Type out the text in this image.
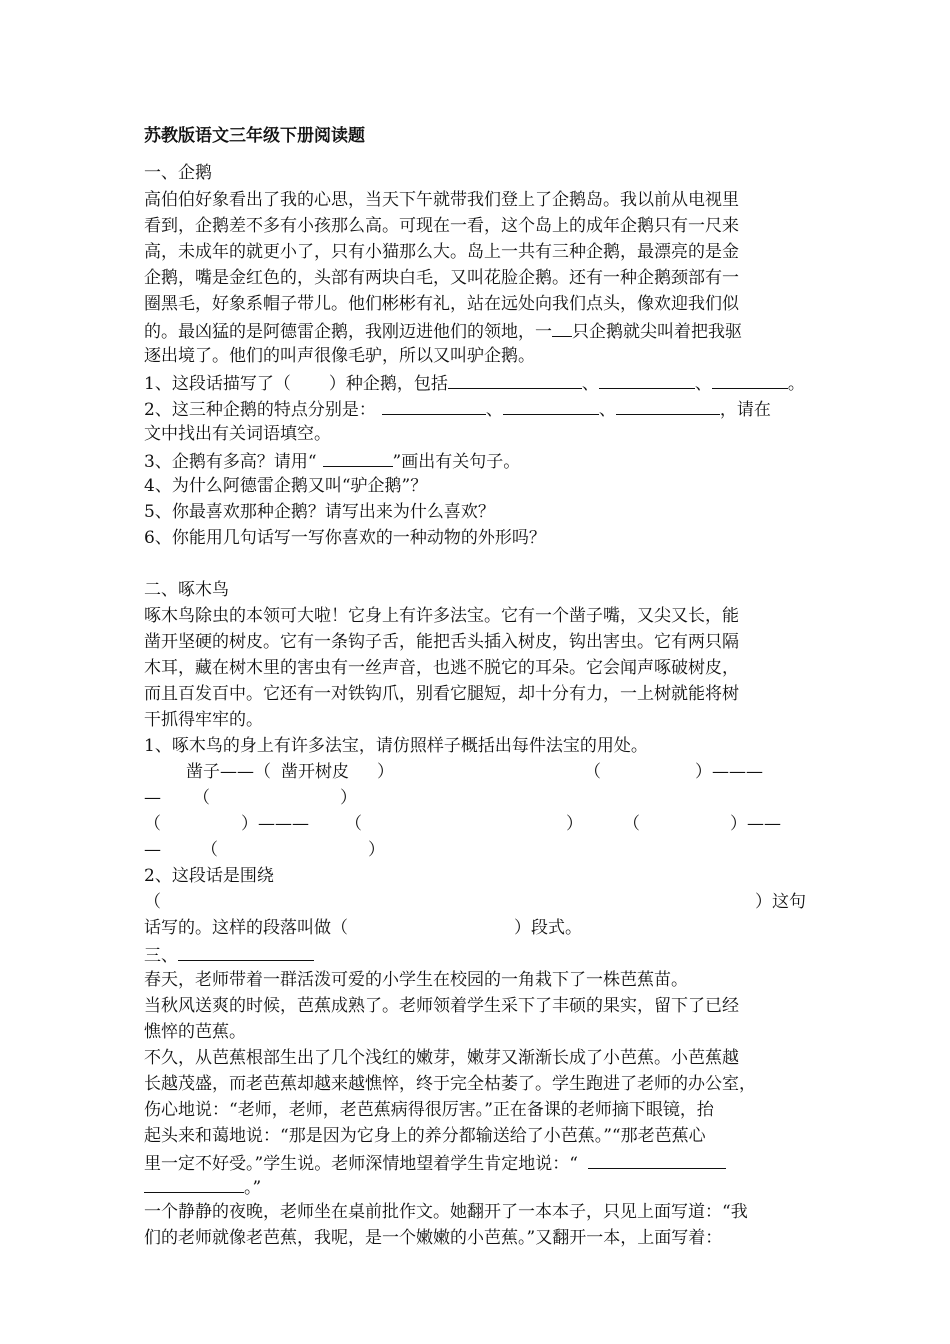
苏教版语文三年级下册阅读题
一、企鹅
高伯伯好象看出了我的心思，当天下午就带我们登上了企鹅岛。我以前从电视里
看到，企鹅差不多有小孩那么高。可现在一看，这个岛上的成年企鹅只有一尺来
高，未成年的就更小了，只有小猫那么大。岛上一共有三种企鹅，最漂亮的是金
企鹅，嘴是金红色的，头部有两块白毛，又叫花脸企鹅。还有一种企鹅颈部有一
圈黑毛，好象系帽子带儿。他们彬彬有礼，站在远处向我们点头，像欢迎我们似
的。最凶猛的是阿德雷企鹅，我刚迈进他们的领地，一 只企鹅就尖叫着把我驱
逐出境了。他们的叫声很像毛驴，所以又叫驴企鹅。
1、这段话描写了（ ）种企鹅，包括	、	、	。
2、这三种企鹅的特点分别是：	、	、	，请在
文中找出有关词语填空。
3、企鹅有多高？请用“	”画出有关句子。
4、为什么阿德雷企鹅又叫“驴企鹅”？
5、你最喜欢那种企鹅？请写出来为什么喜欢？
6、你能用几句话写一写你喜欢的一种动物的外形吗？
二、啄木鸟
啄木鸟除虫的本领可大啦！它身上有许多法宝。它有一个凿子嘴，又尖又长，能
凿开坚硬的树皮。它有一条钩子舌，能把舌头插入树皮，钩出害虫。它有两只隔
木耳，藏在树木里的害虫有一丝声音，也逃不脱它的耳朵。它会闻声啄破树皮，
而且百发百中。它还有一对铁钩爪，别看它腿短，却十分有力，一上树就能将树
干抓得牢牢的。
1、啄木鸟的身上有许多法宝，请仿照样子概括出每件法宝的用处。
凿子——（ 凿开树皮 ）	（	）———
— （	）
（	）——— （	） （	）——
— （	）
2、这段话是围绕
（	）这句
话写的。这样的段落叫做（	）段式。
三、
春天，老师带着一群活泼可爱的小学生在校园的一角栽下了一株芭蕉苗。
当秋风送爽的时候，芭蕉成熟了。老师领着学生采下了丰硕的果实，留下了已经
憔悴的芭蕉。
不久，从芭蕉根部生出了几个浅红的嫩芽，嫩芽又渐渐长成了小芭蕉。小芭蕉越
长越茂盛，而老芭蕉却越来越憔悴，终于完全枯萎了。学生跑进了老师的办公室，
伤心地说：“老师，老师，老芭蕉病得很厉害。”正在备课的老师摘下眼镜，抬
起头来和蔼地说：“那是因为它身上的养分都输送给了小芭蕉。”“那老芭蕉心
里一定不好受。”学生说。老师深情地望着学生肯定地说：“
。”
一个静静的夜晚，老师坐在桌前批作文。她翻开了一本本子，只见上面写道：“我
们的老师就像老芭蕉，我呢，是一个嫩嫩的小芭蕉。”又翻开一本，上面写着：
